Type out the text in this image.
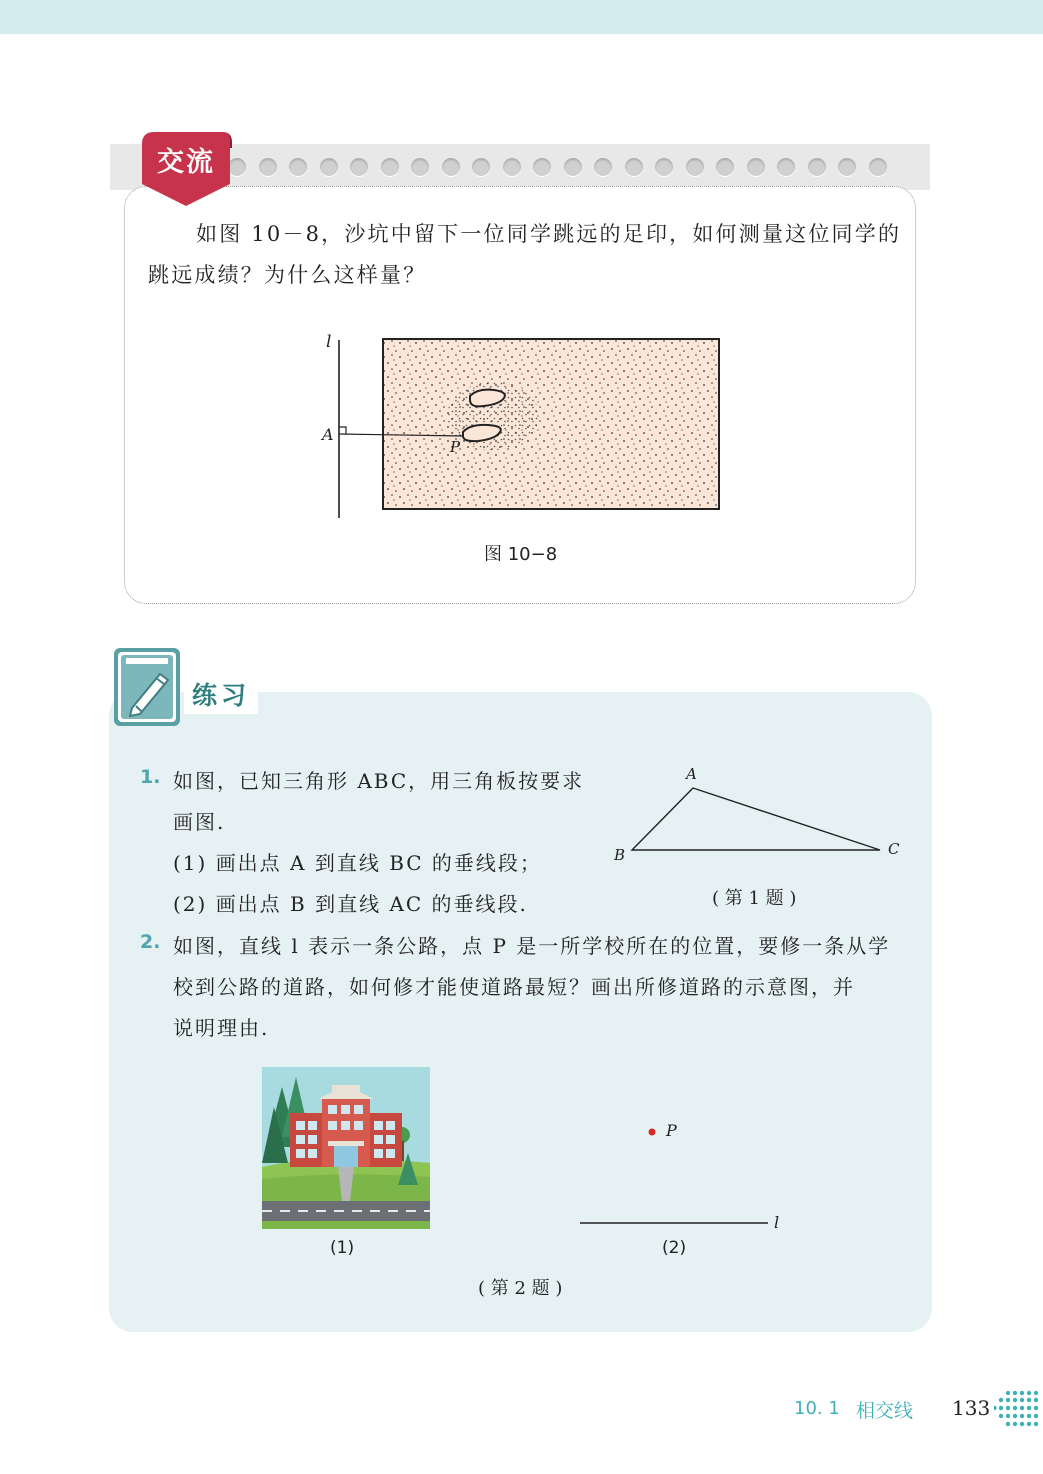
交流

如图 10－8，沙坑中留下一位同学跳远的足印，如何测量这位同学的跳远成绩？为什么这样量？

l
A
P
图 10−8
练习
1. 如图，已知三角形 ABC，用三角板按要求
画图.
(1) 画出点 A 到直线 BC 的垂线段；
(2) 画出点 B 到直线 AC 的垂线段.
A
B	C
( 第 1 题 )
2. 如图，直线 l 表示一条公路，点 P 是一所学校所在的位置，要修一条从学
校到公路的道路，如何修才能使道路最短？画出所修道路的示意图，并
说明理由.
P
l
(1)	(2)
( 第 2 题 )
10. 1 相交线 133
